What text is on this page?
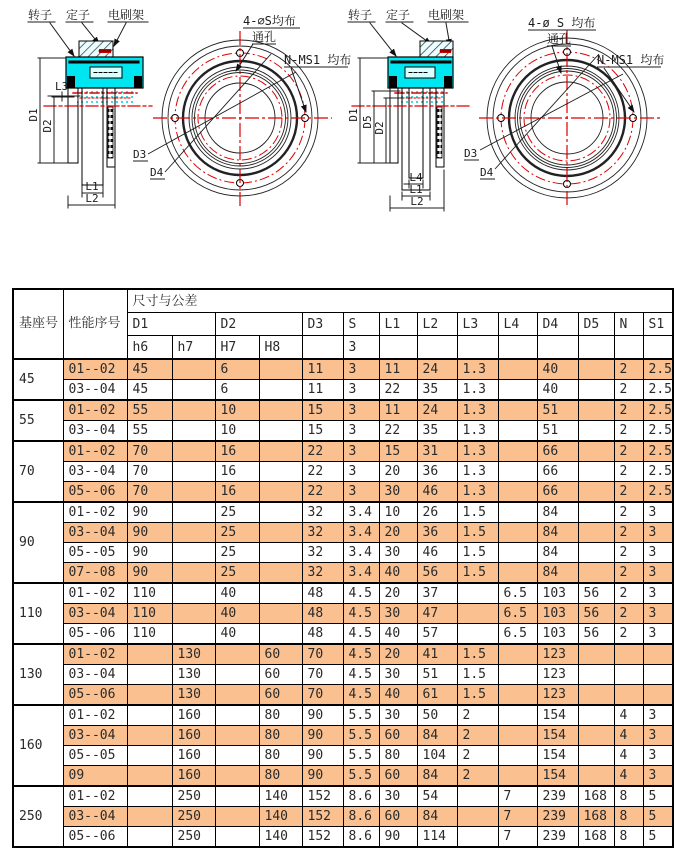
转子 定子 电刷架
D1
D2
L3
L1
L2
4-∅S均布
通孔
N-MS1 均布
D3
D4
转子 定子 电刷架
D1
D5 D2
L4
L1
L2
4-ø S 均布
通孔
N-MS1 均布
D3
D4
基座号	性能序号	尺寸与公差													
		D1		D2		D3	S	L1	L2	L3	L4	D4	D5	N	S1
		h6	h7	H7	H8		3								
45	01--02	45		6		11	3	11	24	1.3		40		2	2.5
	03--04	45		6		11	3	22	35	1.3		40		2	2.5
55	01--02	55		10		15	3	11	24	1.3		51		2	2.5
	03--04	55		10		15	3	22	35	1.3		51		2	2.5
70	01--02	70		16		22	3	15	31	1.3		66		2	2.5
	03--04	70		16		22	3	20	36	1.3		66		2	2.5
	05--06	70		16		22	3	30	46	1.3		66		2	2.5
90	01--02	90		25		32	3.4	10	26	1.5		84		2	3
	03--04	90		25		32	3.4	20	36	1.5		84		2	3
	05--05	90		25		32	3.4	30	46	1.5		84		2	3
	07--08	90		25		32	3.4	40	56	1.5		84		2	3
110	01--02	110		40		48	4.5	20	37		6.5	103	56	2	3
	03--04	110		40		48	4.5	30	47		6.5	103	56	2	3
	05--06	110		40		48	4.5	40	57		6.5	103	56	2	3
130	01--02		130		60	70	4.5	20	41	1.5		123			
	03--04		130		60	70	4.5	30	51	1.5		123			
	05--06		130		60	70	4.5	40	61	1.5		123			
160	01--02		160		80	90	5.5	30	50	2		154		4	3
	03--04		160		80	90	5.5	60	84	2		154		4	3
	05--05		160		80	90	5.5	80	104	2		154		4	3
	09		160		80	90	5.5	60	84	2		154		4	3
250	01--02		250		140	152	8.6	30	54		7	239	168	8	5
	03--04		250		140	152	8.6	60	84		7	239	168	8	5
	05--06		250		140	152	8.6	90	114		7	239	168	8	5
